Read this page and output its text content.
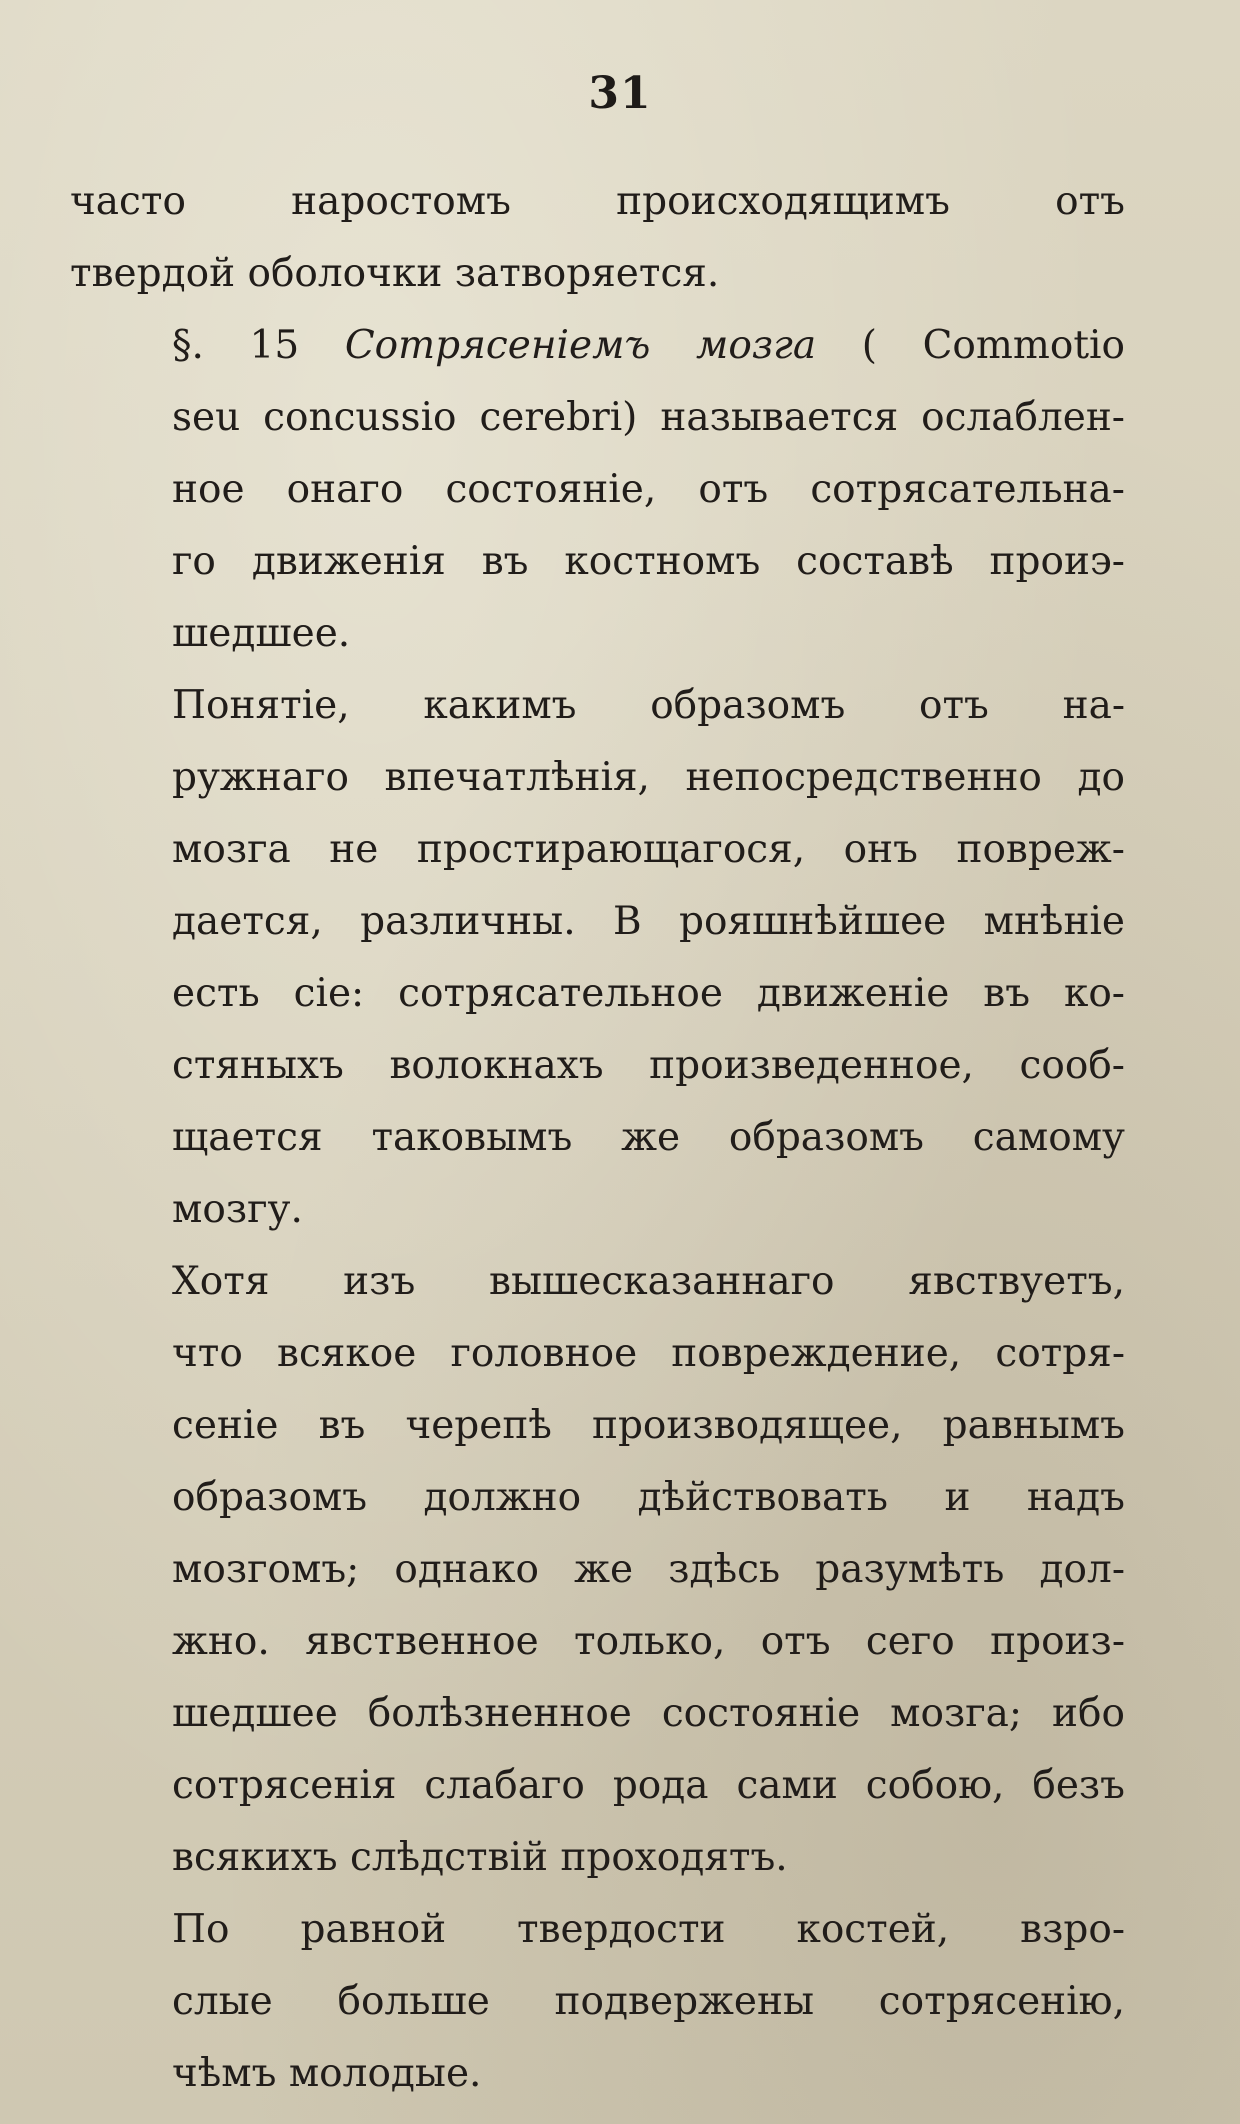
31

часто наростомъ происходящимъ отъ
твердой оболочки затворяется.

§. 15 Сотрясенiемъ мозга ( Commotio
seu concussio cerebri) называется ослаблен-
ное онаго состоянiе, отъ сотрясательна-
го движенiя въ костномъ составѣ проиэ-
шедшее.

Понятiе, какимъ образомъ отъ на-
ружнаго впечатлѣнiя, непосредственно до
мозга не простирающагося, онъ повреж-
дается, различны. В рояшнѣйшее мнѣнiе
есть сiе: сотрясательное движенiе въ ко-
стяныхъ волокнахъ произведенное, сооб-
щается таковымъ же образомъ самому
мозгу.

Хотя изъ вышесказаннаго явствуетъ,
что всякое головное повреждение, сотря-
сенiе въ черепѣ производящее, равнымъ
образомъ должно дѣйствовать и надъ
мозгомъ; однако же здѣсь разумѣть дол-
жно. явственное только, отъ сего произ-
шедшее болѣзненное состоянiе мозга; ибо
сотрясенiя слабаго рода сами собою, безъ
всякихъ слѣдствiй проходятъ.

По равной твердости костей, взро-
слые больше подвержены сотрясенiю,
чѣмъ молодые.
